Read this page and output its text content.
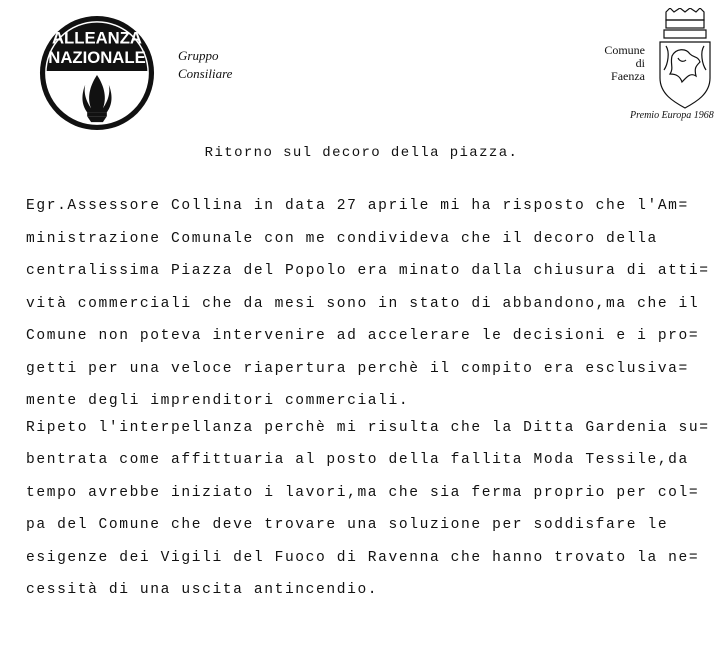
ALLEANZA
NAZIONALE Gruppo
Consiliare
Comune
di
Faenza
Premio Europa 1968
Ritorno sul decoro della piazza.
Egr.Assessore Collina in data 27 aprile mi ha risposto che l'Am=
ministrazione Comunale con me condivideva che il decoro della
centralissima Piazza del Popolo era minato dalla chiusura di atti=
vità commerciali che da mesi sono in stato di abbandono,ma che il
Comune non poteva intervenire ad accelerare le decisioni e i pro=
getti per una veloce riapertura perchè il compito era esclusiva=
mente degli imprenditori commerciali.
Ripeto l'interpellanza perchè mi risulta che la Ditta Gardenia su=
bentrata come affittuaria al posto della fallita Moda Tessile,da
tempo avrebbe iniziato i lavori,ma che sia ferma proprio per col=
pa del Comune che deve trovare una soluzione per soddisfare le
esigenze dei Vigili del Fuoco di Ravenna che hanno trovato la ne=
cessità di una uscita antincendio.
